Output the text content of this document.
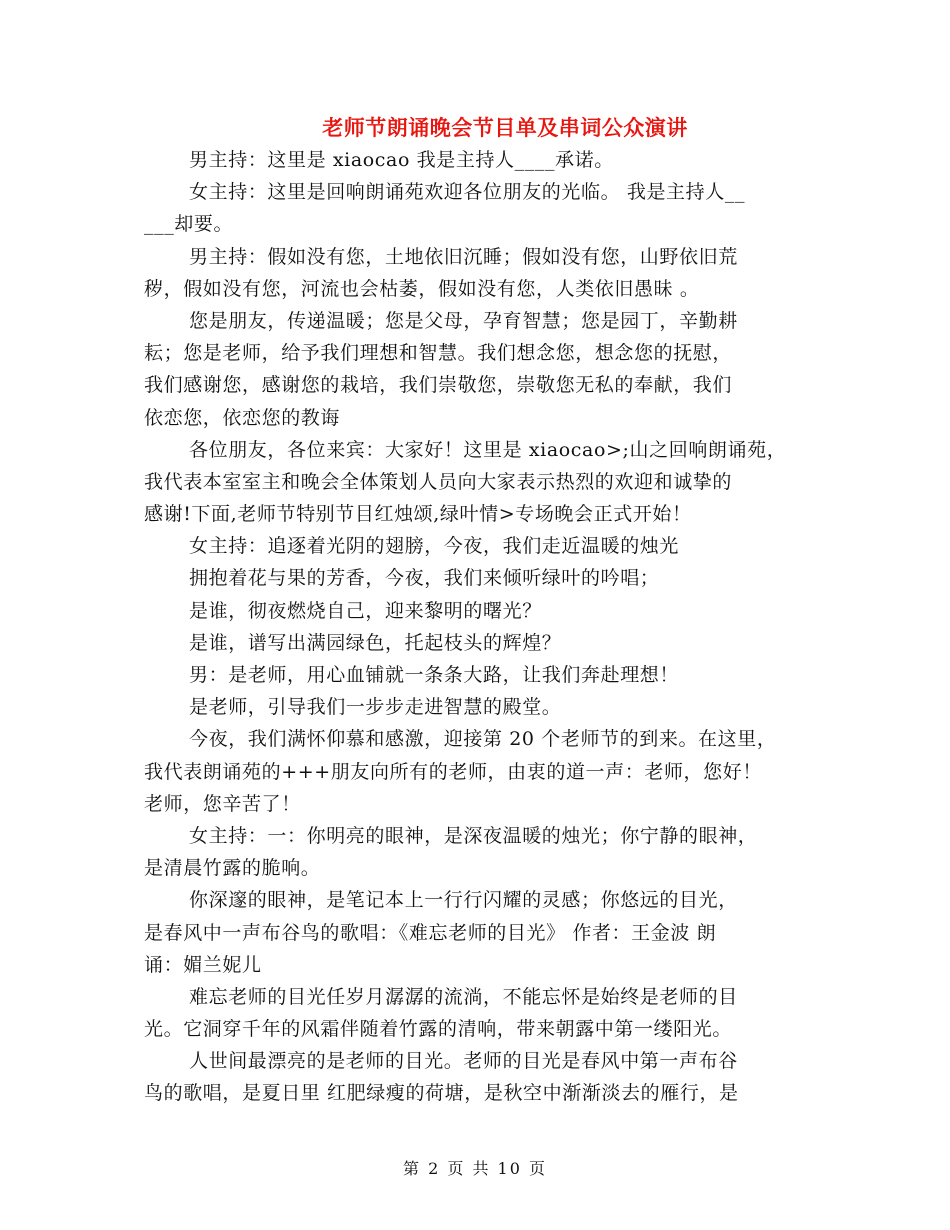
老师节朗诵晚会节目单及串词公众演讲
男主持：这里是 xiaocao 我是主持人____承诺。
女主持：这里是回响朗诵苑欢迎各位朋友的光临。 我是主持人__
___却要。
男主持：假如没有您，土地依旧沉睡；假如没有您，山野依旧荒
秽，假如没有您，河流也会枯萎，假如没有您，人类依旧愚昧 。
您是朋友，传递温暖；您是父母，孕育智慧；您是园丁，辛勤耕
耘；您是老师，给予我们理想和智慧。我们想念您，想念您的抚慰，
我们感谢您，感谢您的栽培，我们崇敬您，崇敬您无私的奉献，我们
依恋您，依恋您的教诲
各位朋友，各位来宾：大家好！这里是 xiaocao>;山之回响朗诵苑，
我代表本室室主和晚会全体策划人员向大家表示热烈的欢迎和诚挚的
感谢!下面,老师节特别节目红烛颂,绿叶情>专场晚会正式开始！
女主持：追逐着光阴的翅膀，今夜，我们走近温暖的烛光
拥抱着花与果的芳香，今夜，我们来倾听绿叶的吟唱；
是谁，彻夜燃烧自己，迎来黎明的曙光？
是谁，谱写出满园绿色，托起枝头的辉煌？
男：是老师，用心血铺就一条条大路，让我们奔赴理想！
是老师，引导我们一步步走进智慧的殿堂。
今夜，我们满怀仰慕和感激，迎接第 20 个老师节的到来。在这里，
我代表朗诵苑的+++朋友向所有的老师，由衷的道一声：老师，您好！
老师，您辛苦了！
女主持：一：你明亮的眼神，是深夜温暖的烛光；你宁静的眼神，
是清晨竹露的脆响。
你深邃的眼神，是笔记本上一行行闪耀的灵感；你悠远的目光，
是春风中一声布谷鸟的歌唱：《难忘老师的目光》 作者：王金波 朗
诵：媚兰妮儿
难忘老师的目光任岁月潺潺的流淌，不能忘怀是始终是老师的目
光。它洞穿千年的风霜伴随着竹露的清响，带来朝露中第一缕阳光。
人世间最漂亮的是老师的目光。老师的目光是春风中第一声布谷
鸟的歌唱，是夏日里 红肥绿瘦的荷塘，是秋空中渐渐淡去的雁行，是
第 2 页 共 10 页
